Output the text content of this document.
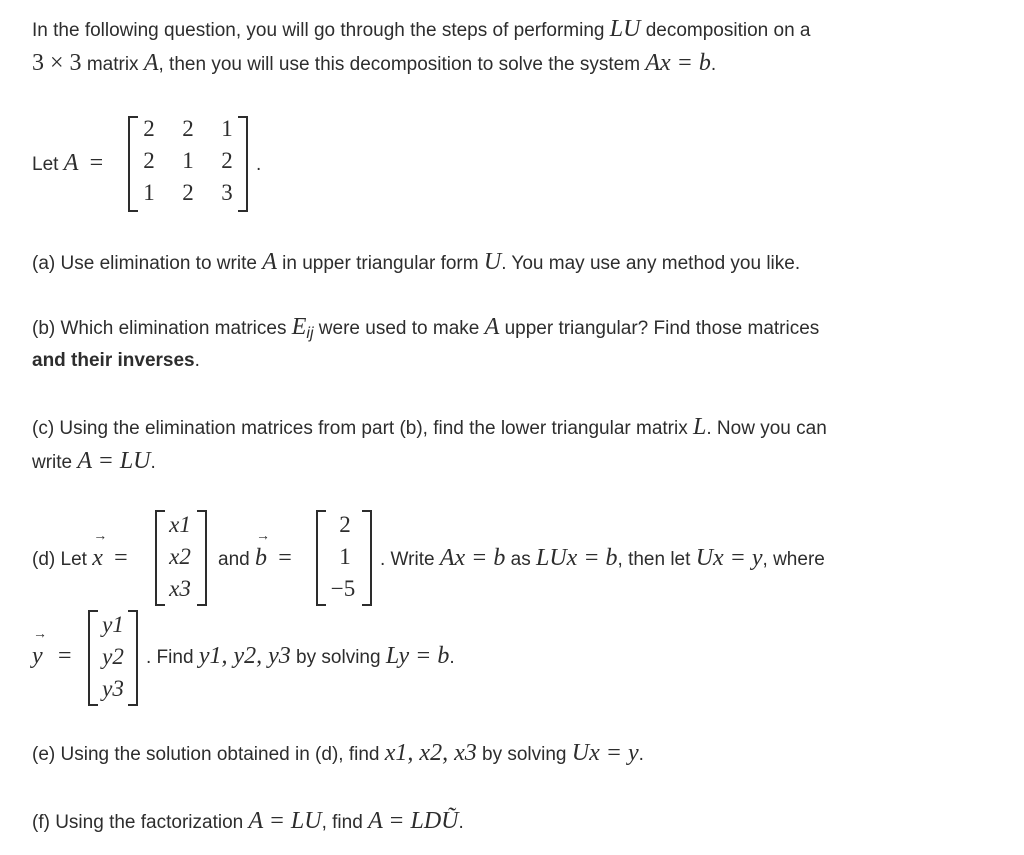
In the following question, you will go through the steps of performing LU decomposition on a
3 × 3 matrix A, then you will use this decomposition to solve the system Ax = b.
Let A =
2	2	1
2	1	2
1	2	3
.
(a) Use elimination to write A in upper triangular form U. You may use any method you like.
(b) Which elimination matrices $E_{ij}$ were used to make A upper triangular? Find those matrices
and their inverses.
(c) Using the elimination matrices from part (b), find the lower triangular matrix L. Now you can
write A = LU.
(d) Let x
→
=
x1
x2
x3
and b
→
=
2
1
−5
. Write Ax = b as LUx = b, then let Ux = y, where
y
→
=
y1
y2
y3
. Find y1, y2, y3 by solving Ly = b.
(e) Using the solution obtained in (d), find x1, x2, x3 by solving Ux = y.
(f) Using the factorization A = LU, find A = LDŨ.
